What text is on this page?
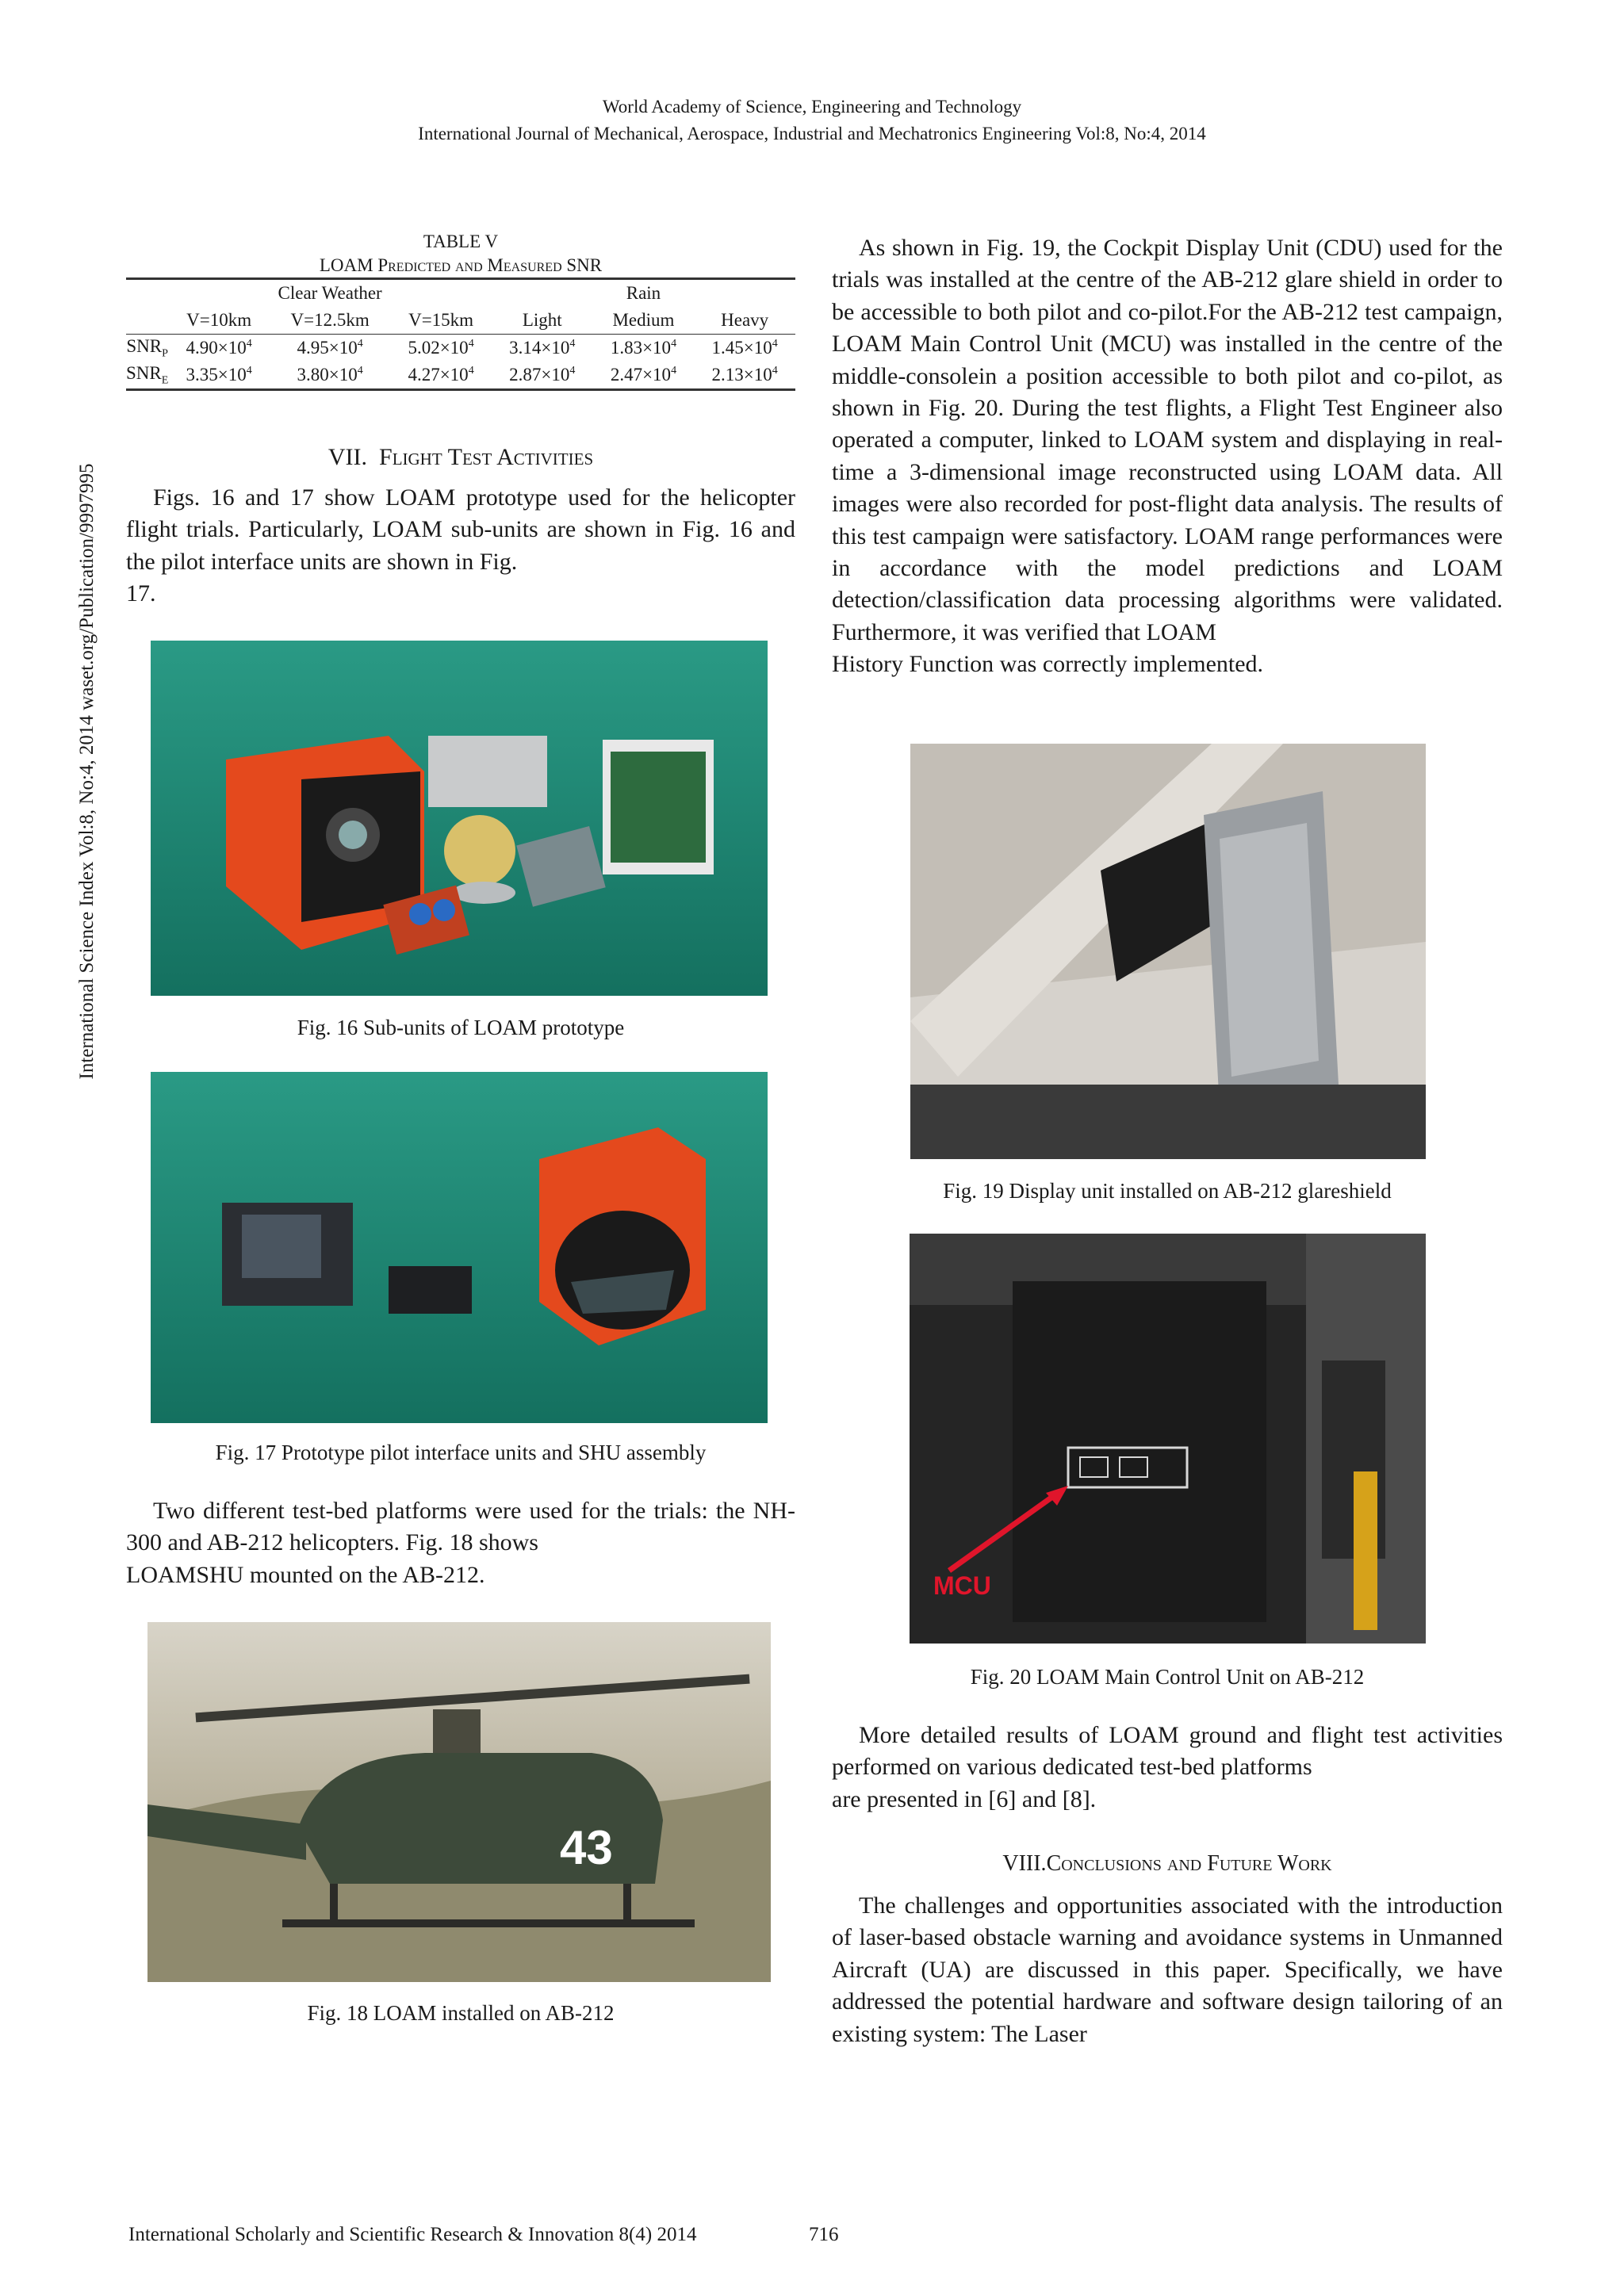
World Academy of Science, Engineering and Technology
International Journal of Mechanical, Aerospace, Industrial and Mechatronics Engineering Vol:8, No:4, 2014
International Science Index Vol:8, No:4, 2014 waset.org/Publication/9997995
TABLE V
LOAM Predicted and Measured SNR
	Clear Weather			Rain		
	V=10km	V=12.5km	V=15km	Light	Medium	Heavy
$SNR_P$	$4.90\times 10^4$	$4.95\times 10^4$	$5.02\times 10^4$	$3.14\times 10^4$	$1.83\times 10^4$	$1.45\times 10^4$
$SNR_E$	$3.35\times 10^4$	$3.80\times 10^4$	$4.27\times 10^4$	$2.87\times 10^4$	$2.47\times 10^4$	$2.13\times 10^4$
VII. Flight Test Activities

Figs. 16 and 17 show LOAM prototype used for the helicopter flight trials. Particularly, LOAM sub-units are shown in Fig. 16 and the pilot interface units are shown in Fig.

17.

Fig. 16 Sub-units of LOAM prototype
Fig. 17 Prototype pilot interface units and SHU assembly

Two different test-bed platforms were used for the trials: the NH-300 and AB-212 helicopters. Fig. 18 shows

LOAMSHU mounted on the AB-212.

43
Fig. 18 LOAM installed on AB-212

As shown in Fig. 19, the Cockpit Display Unit (CDU) used for the trials was installed at the centre of the AB-212 glare shield in order to be accessible to both pilot and co-pilot.For the AB-212 test campaign, LOAM Main Control Unit (MCU) was installed in the centre of the middle-consolein a position accessible to both pilot and co-pilot, as shown in Fig. 20. During the test flights, a Flight Test Engineer also operated a computer, linked to LOAM system and displaying in real-time a 3-dimensional image reconstructed using LOAM data. All images were also recorded for post-flight data analysis. The results of this test campaign were satisfactory. LOAM range performances were in accordance with the model predictions and LOAM detection/classification data processing algorithms were validated. Furthermore, it was verified that LOAM

History Function was correctly implemented.

Fig. 19 Display unit installed on AB-212 glareshield
MCU
Fig. 20 LOAM Main Control Unit on AB-212

More detailed results of LOAM ground and flight test activities performed on various dedicated test-bed platforms

are presented in [6] and [8].

VIII.Conclusions and Future Work

The challenges and opportunities associated with the introduction of laser-based obstacle warning and avoidance systems in Unmanned Aircraft (UA) are discussed in this paper. Specifically, we have addressed the potential hardware and software design tailoring of an existing system: The Laser

International Scholarly and Scientific Research & Innovation 8(4) 2014	716
